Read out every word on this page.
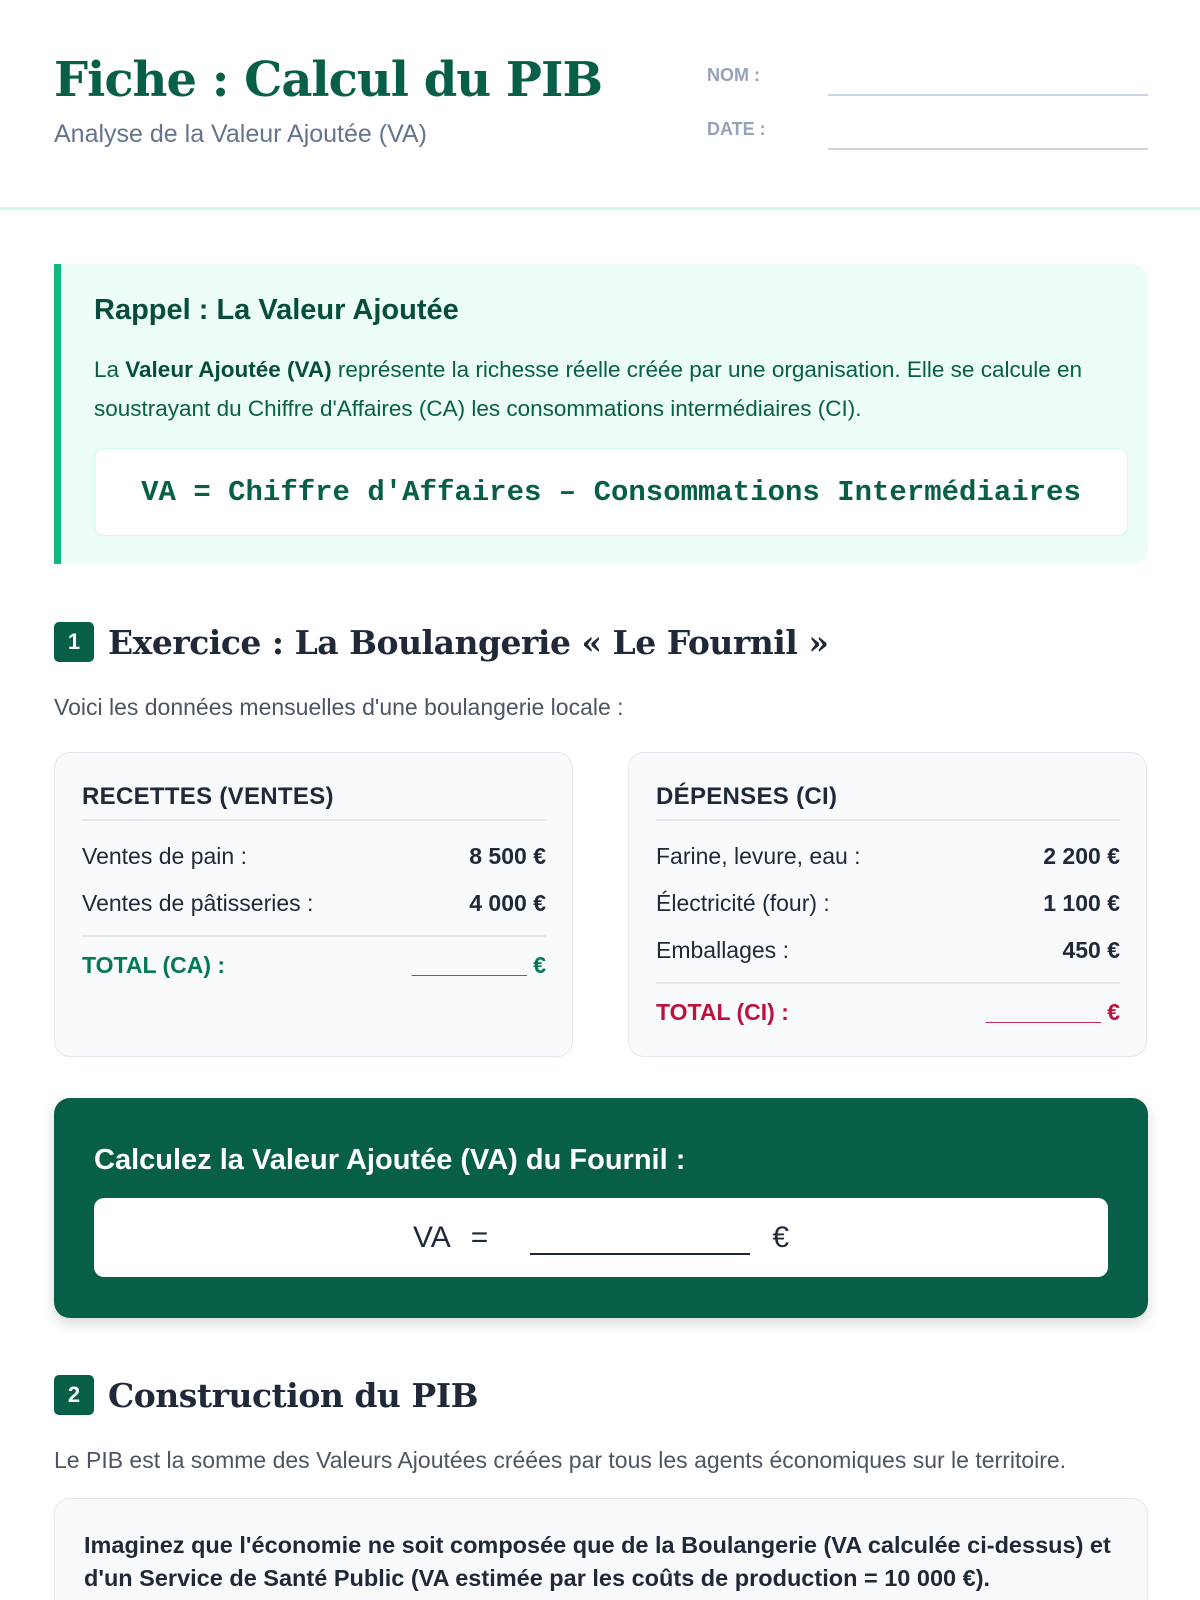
Fiche : Calcul du PIB
Analyse de la Valeur Ajoutée (VA)
NOM :
DATE :
Rappel : La Valeur Ajoutée
La Valeur Ajoutée (VA) représente la richesse réelle créée par une organisation. Elle se calcule en soustrayant du Chiffre d'Affaires (CA) les consommations intermédiaires (CI).
VA = Chiffre d'Affaires – Consommations Intermédiaires
1 Exercice : La Boulangerie « Le Fournil »
Voici les données mensuelles d'une boulangerie locale :
RECETTES (VENTES)
Ventes de pain :	8 500 €
Ventes de pâtisseries :	4 000 €
TOTAL (CA) :	_________ €
DÉPENSES (CI)
Farine, levure, eau :	2 200 €
Électricité (four) :	1 100 €
Emballages :	450 €
TOTAL (CI) :	_________ €
Calculez la Valeur Ajoutée (VA) du Fournil :
VA =	€
2 Construction du PIB
Le PIB est la somme des Valeurs Ajoutées créées par tous les agents économiques sur le territoire.
Imaginez que l'économie ne soit composée que de la Boulangerie (VA calculée ci-dessus) et d'un Service de Santé Public (VA estimée par les coûts de production = 10 000 €).
